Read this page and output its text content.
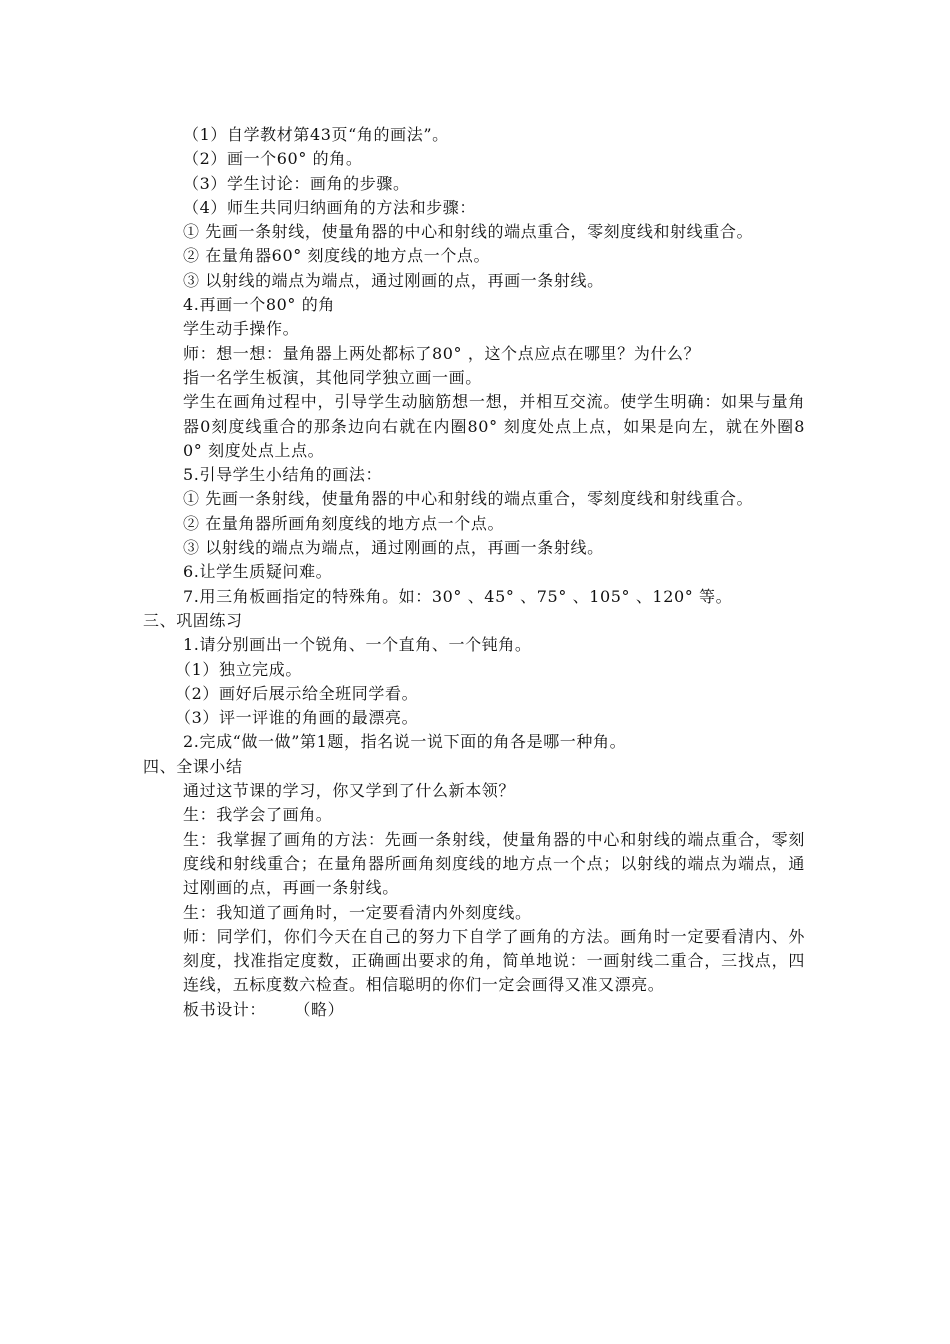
（1）自学教材第43页“角的画法”。
（2）画一个60° 的角。
（3）学生讨论：画角的步骤。
（4）师生共同归纳画角的方法和步骤：
① 先画一条射线，使量角器的中心和射线的端点重合，零刻度线和射线重合。
② 在量角器60° 刻度线的地方点一个点。
③ 以射线的端点为端点，通过刚画的点，再画一条射线。
4.再画一个80° 的角
学生动手操作。
师：想一想：量角器上两处都标了80° ，这个点应点在哪里？为什么？
指一名学生板演，其他同学独立画一画。
学生在画角过程中，引导学生动脑筋想一想，并相互交流。使学生明确：如果与量角器0刻度线重合的那条边向右就在内圈80° 刻度处点上点，如果是向左，就在外圈80° 刻度处点上点。
5.引导学生小结角的画法：
① 先画一条射线，使量角器的中心和射线的端点重合，零刻度线和射线重合。
② 在量角器所画角刻度线的地方点一个点。
③ 以射线的端点为端点，通过刚画的点，再画一条射线。
6.让学生质疑问难。
7.用三角板画指定的特殊角。如：30° 、45° 、75° 、105° 、120° 等。
三、巩固练习
1.请分别画出一个锐角、一个直角、一个钝角。
（1）独立完成。
（2）画好后展示给全班同学看。
（3）评一评谁的角画的最漂亮。
2.完成“做一做”第1题，指名说一说下面的角各是哪一种角。
四、全课小结
通过这节课的学习，你又学到了什么新本领？
生：我学会了画角。
生：我掌握了画角的方法：先画一条射线，使量角器的中心和射线的端点重合，零刻度线和射线重合；在量角器所画角刻度线的地方点一个点；以射线的端点为端点，通过刚画的点，再画一条射线。
生：我知道了画角时，一定要看清内外刻度线。
师：同学们，你们今天在自己的努力下自学了画角的方法。画角时一定要看清内、外刻度，找准指定度数，正确画出要求的角，简单地说：一画射线二重合，三找点，四连线，五标度数六检查。相信聪明的你们一定会画得又准又漂亮。
板书设计：     （略）
